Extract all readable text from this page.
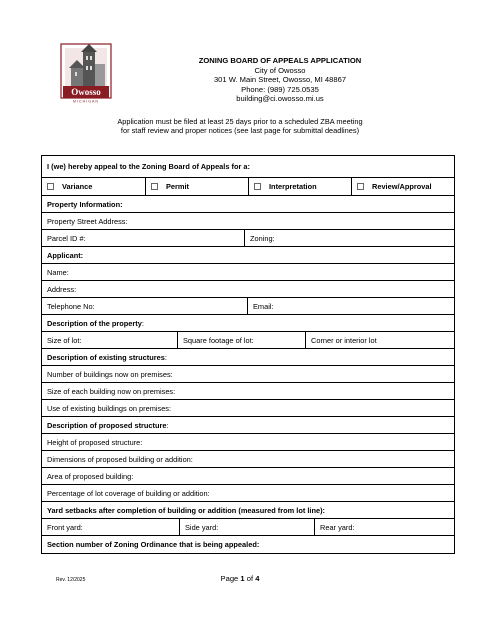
Owosso
MICHIGAN
ZONING BOARD OF APPEALS APPLICATION
City of Owosso
301 W. Main Street, Owosso, MI 48867
Phone: (989) 725.0535
building@ci.owosso.mi.us
Application must be filed at least 25 days prior to a scheduled ZBA meeting
for staff review and proper notices (see last page for submittal deadlines)
I (we) hereby appeal to the Zoning Board of Appeals for a:
Variance	Permit	Interpretation	Review/Approval
Property Information:
Property Street Address:
Parcel ID #:	Zoning:
Applicant:
Name:
Address:
Telephone No:	Email:
Description of the property :
Size of lot:	Square footage of lot:	Corner or interior lot
Description of existing structures :
Number of buildings now on premises:
Size of each building now on premises:
Use of existing buildings on premises:
Description of proposed structure :
Height of proposed structure:
Dimensions of proposed building or addition:
Area of proposed building:
Percentage of lot coverage of building or addition:
Yard setbacks after completion of building or addition (measured from lot line):
Front yard:	Side yard:	Rear yard:
Section number of Zoning Ordinance that is being appealed:
Rev. 12/2025	Page 1 of 4
